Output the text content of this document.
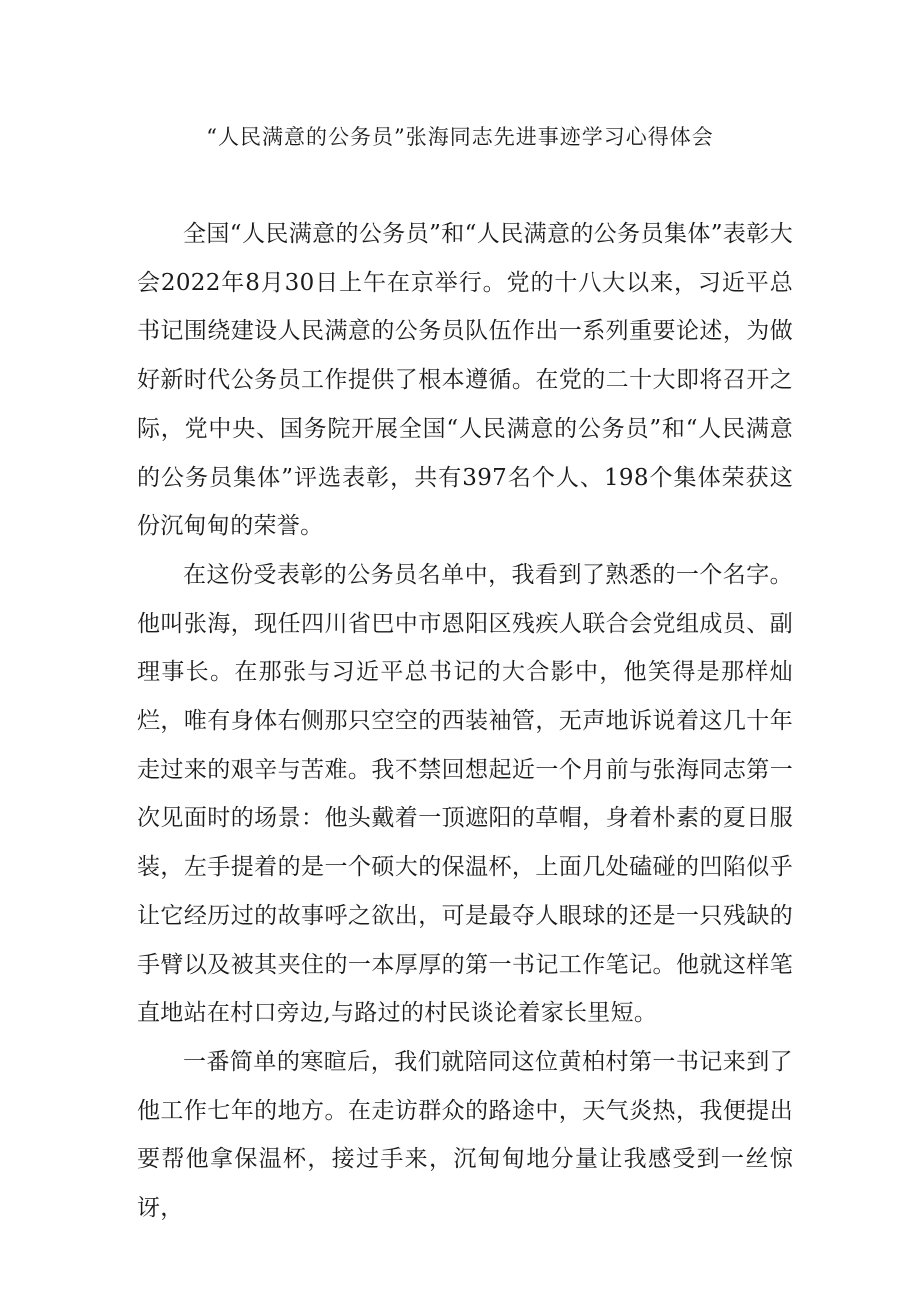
“人民满意的公务员”张海同志先进事迹学习心得体会

全国“人民满意的公务员”和“人民满意的公务员集体”表彰大会2022年8月30日上午在京举行。党的十八大以来，习近平总书记围绕建设人民满意的公务员队伍作出一系列重要论述，为做好新时代公务员工作提供了根本遵循。在党的二十大即将召开之际，党中央、国务院开展全国“人民满意的公务员”和“人民满意的公务员集体”评选表彰，共有397名个人、198个集体荣获这份沉甸甸的荣誉。

在这份受表彰的公务员名单中，我看到了熟悉的一个名字。他叫张海，现任四川省巴中市恩阳区残疾人联合会党组成员、副理事长。在那张与习近平总书记的大合影中，他笑得是那样灿烂，唯有身体右侧那只空空的西装袖管，无声地诉说着这几十年走过来的艰辛与苦难。我不禁回想起近一个月前与张海同志第一次见面时的场景：他头戴着一顶遮阳的草帽，身着朴素的夏日服装，左手提着的是一个硕大的保温杯，上面几处磕碰的凹陷似乎让它经历过的故事呼之欲出，可是最夺人眼球的还是一只残缺的手臂以及被其夹住的一本厚厚的第一书记工作笔记。他就这样笔直地站在村口旁边,与路过的村民谈论着家长里短。

一番简单的寒暄后，我们就陪同这位黄柏村第一书记来到了他工作七年的地方。在走访群众的路途中，天气炎热，我便提出要帮他拿保温杯，接过手来，沉甸甸地分量让我感受到一丝惊讶，
